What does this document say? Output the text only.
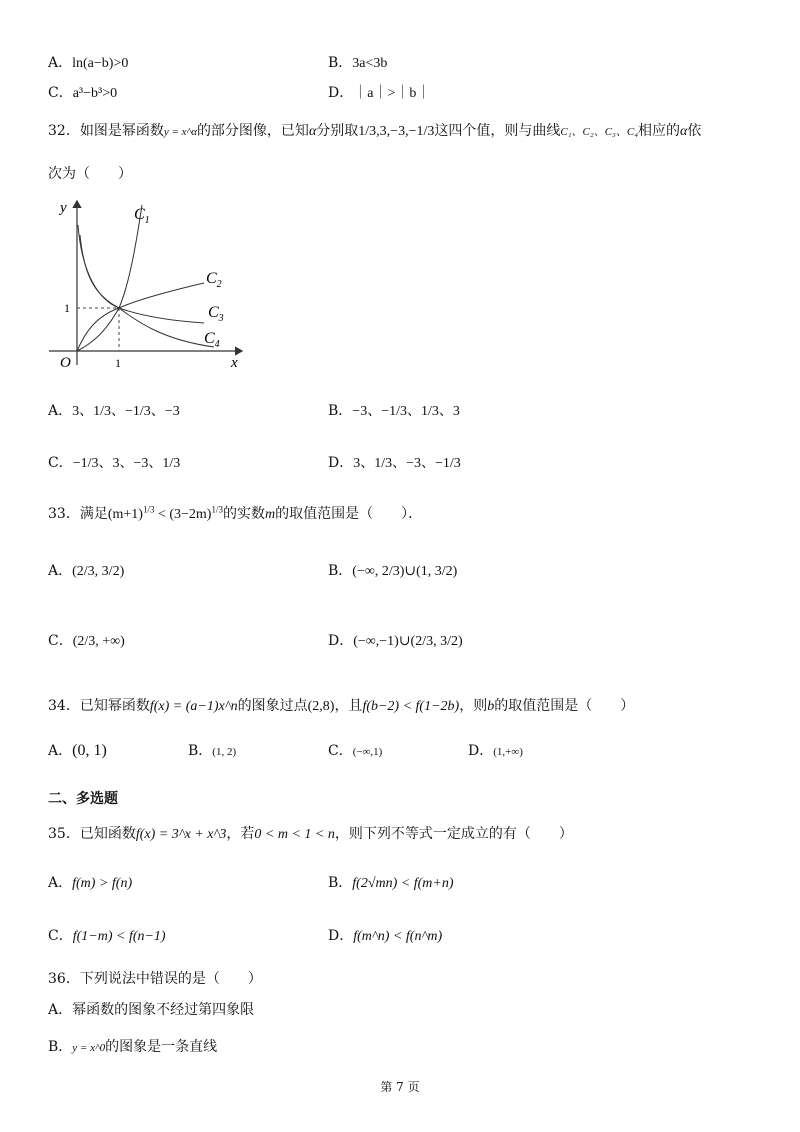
A．ln(a−b)>0	B．3a<3b
C．a³−b³>0	D．｜a｜>｜b｜
32．如图是幂函数y = x^α的部分图像，已知α分别取1/3,3,−3,−1/3这四个值，则与曲线C₁、C₂、C₃、C₄相应的α依
次为（　　）
y
x
O	1
1
$C_1$
$C_2$
$C_3$
$C_4$
A．3、1/3、−1/3、−3	B．−3、−1/3、1/3、3
C．−1/3、3、−3、1/3	D．3、1/3、−3、−1/3
33．满足$(m+1)^{1/3} < (3-2m)^{1/3}$的实数m的取值范围是（　　）．
A．(2/3, 3/2)	B．(−∞, 2/3)∪(1, 3/2)
C．(2/3, +∞)	D．(−∞,−1)∪(2/3, 3/2)
34．已知幂函数f(x) = (a−1)x^n的图象过点(2,8)，且f(b−2) < f(1−2b)，则b的取值范围是（　　）
A．(0, 1)	B．(1, 2)	C．(−∞,1)	D．(1,+∞)
二、多选题
35．已知函数f(x) = 3^x + x^3，若0 < m < 1 < n，则下列不等式一定成立的有（　　）
A．f(m) > f(n)	B．f(2√mn) < f(m+n)
C．f(1−m) < f(n−1)	D．f(m^n) < f(n^m)
36．下列说法中错误的是（　　）
A．幂函数的图象不经过第四象限
B．y = x^0的图象是一条直线
第 7 页
